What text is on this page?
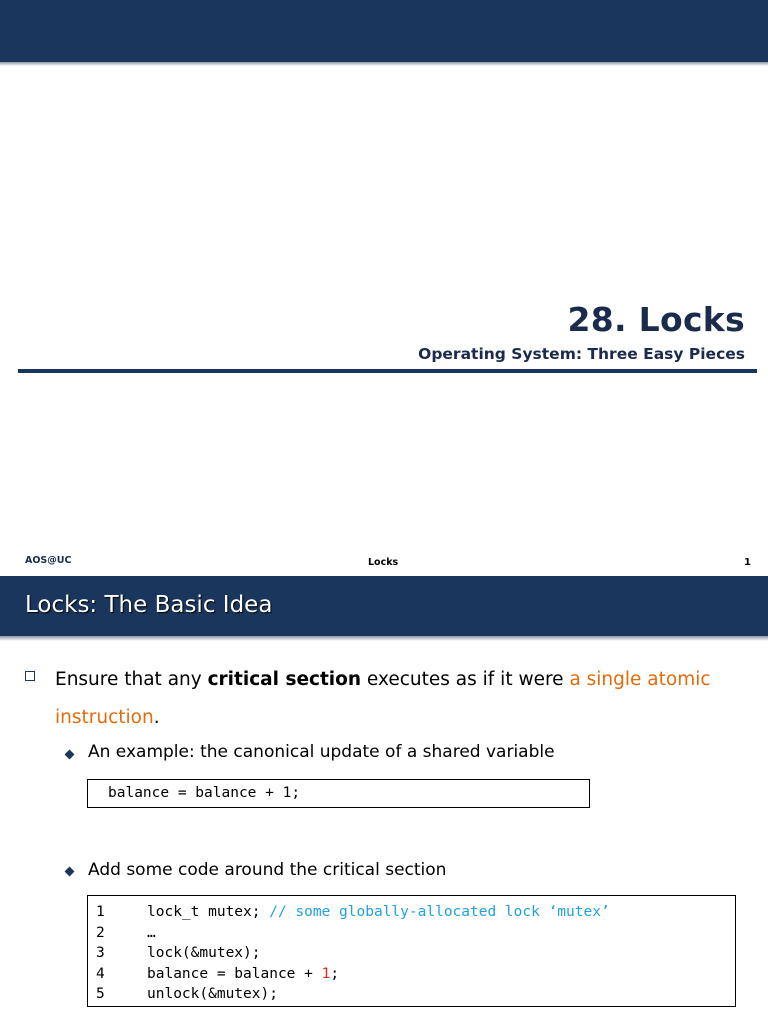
28. Locks
Operating System: Three Easy Pieces
AOS@UC	Locks	1
Locks: The Basic Idea
Ensure that any critical section executes as if it were a single atomic instruction.
An example: the canonical update of a shared variable
balance = balance + 1;
Add some code around the critical section
1	lock_t mutex; // some globally-allocated lock ‘mutex’
2	…
3	lock(&mutex);
4	balance = balance + 1 ;
5	unlock(&mutex);
